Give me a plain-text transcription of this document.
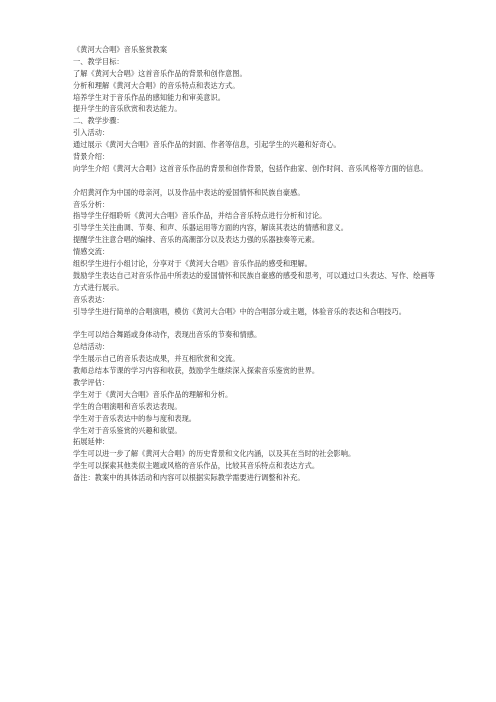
《黄河大合唱》音乐鉴赏教案
一、教学目标：
了解《黄河大合唱》这首音乐作品的背景和创作意图。
分析和理解《黄河大合唱》的音乐特点和表达方式。
培养学生对于音乐作品的感知能力和审美意识。
提升学生的音乐欣赏和表达能力。
二、教学步骤：
引入活动：
通过展示《黄河大合唱》音乐作品的封面、作者等信息，引起学生的兴趣和好奇心。
背景介绍：
向学生介绍《黄河大合唱》这首音乐作品的背景和创作背景，包括作曲家、创作时间、音乐风格等方面的信息。
介绍黄河作为中国的母亲河，以及作品中表达的爱国情怀和民族自豪感。
音乐分析：
指导学生仔细聆听《黄河大合唱》音乐作品，并结合音乐特点进行分析和讨论。
引导学生关注曲调、节奏、和声、乐器运用等方面的内容，解读其表达的情感和意义。
提醒学生注意合唱的编排、音乐的高潮部分以及表达力强的乐器独奏等元素。
情感交流：
组织学生进行小组讨论，分享对于《黄河大合唱》音乐作品的感受和理解。
鼓励学生表达自己对音乐作品中所表达的爱国情怀和民族自豪感的感受和思考，可以通过口头表达、写作、绘画等方式进行展示。
音乐表达：
引导学生进行简单的合唱演唱，模仿《黄河大合唱》中的合唱部分或主题，体验音乐的表达和合唱技巧。
学生可以结合舞蹈或身体动作，表现出音乐的节奏和情感。
总结活动：
学生展示自己的音乐表达成果，并互相欣赏和交流。
教师总结本节课的学习内容和收获，鼓励学生继续深入探索音乐鉴赏的世界。
教学评估：
学生对于《黄河大合唱》音乐作品的理解和分析。
学生的合唱演唱和音乐表达表现。
学生对于音乐表达中的参与度和表现。
学生对于音乐鉴赏的兴趣和欲望。
拓展延伸：
学生可以进一步了解《黄河大合唱》的历史背景和文化内涵，以及其在当时的社会影响。
学生可以探索其他类似主题或风格的音乐作品，比较其音乐特点和表达方式。
备注：教案中的具体活动和内容可以根据实际教学需要进行调整和补充。
